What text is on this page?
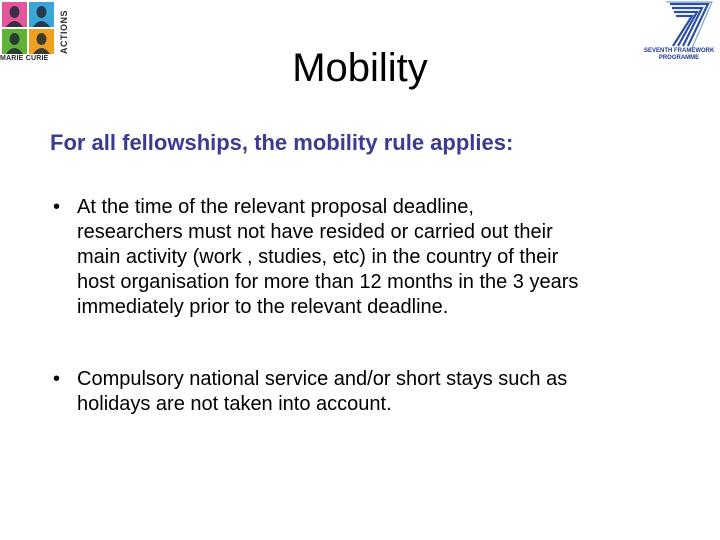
MARIE CURIE
ACTIONS	SEVENTH FRAMEWORK
PROGRAMME
Mobility
For all fellowships, the mobility rule applies:
• At the time of the relevant proposal deadline,
researchers must not have resided or carried out their
main activity (work , studies, etc) in the country of their
host organisation for more than 12 months in the 3 years
immediately prior to the relevant deadline.
• Compulsory national service and/or short stays such as
holidays are not taken into account.
